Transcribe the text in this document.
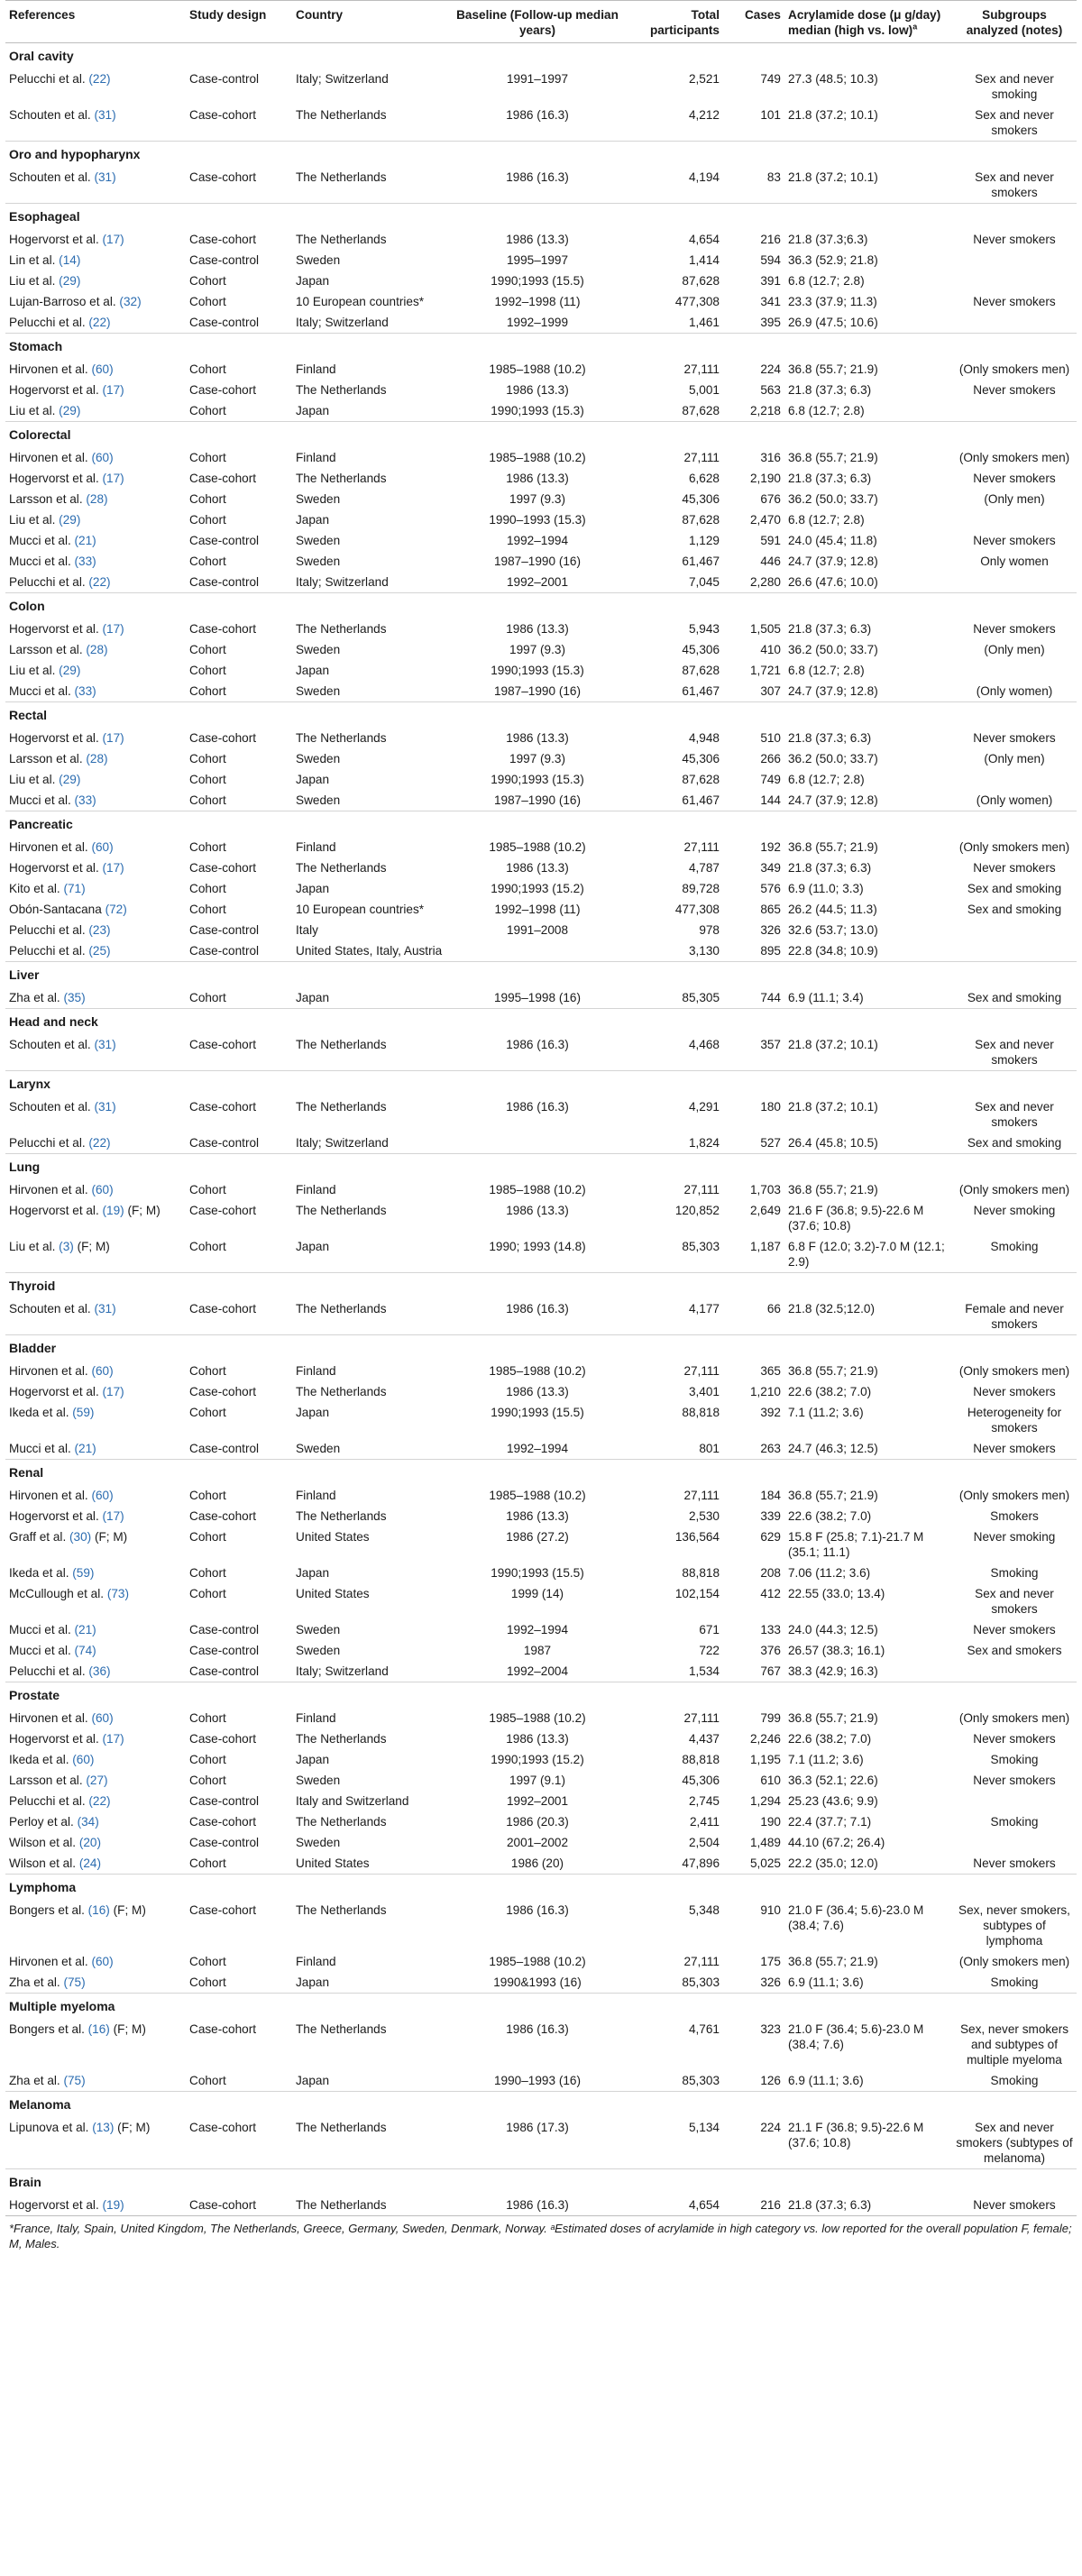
References	Study design	Country	Baseline (Follow-up median years)	Total participants	Cases	Acrylamide dose (μ g/day) median (high vs. low)$^a$	Subgroups analyzed (notes)
Oral cavity							
Pelucchi et al. (22)	Case-control	Italy; Switzerland	1991–1997	2,521	749	27.3 (48.5; 10.3)	Sex and never smoking
Schouten et al. (31)	Case-cohort	The Netherlands	1986 (16.3)	4,212	101	21.8 (37.2; 10.1)	Sex and never smokers
Oro and hypopharynx							
Schouten et al. (31)	Case-cohort	The Netherlands	1986 (16.3)	4,194	83	21.8 (37.2; 10.1)	Sex and never smokers
Esophageal							
Hogervorst et al. (17)	Case-cohort	The Netherlands	1986 (13.3)	4,654	216	21.8 (37.3;6.3)	Never smokers
Lin et al. (14)	Case-control	Sweden	1995–1997	1,414	594	36.3 (52.9; 21.8)	
Liu et al. (29)	Cohort	Japan	1990;1993 (15.5)	87,628	391	6.8 (12.7; 2.8)	
Lujan-Barroso et al. (32)	Cohort	10 European countries*	1992–1998 (11)	477,308	341	23.3 (37.9; 11.3)	Never smokers
Pelucchi et al. (22)	Case-control	Italy; Switzerland	1992–1999	1,461	395	26.9 (47.5; 10.6)	
Stomach							
Hirvonen et al. (60)	Cohort	Finland	1985–1988 (10.2)	27,111	224	36.8 (55.7; 21.9)	(Only smokers men)
Hogervorst et al. (17)	Case-cohort	The Netherlands	1986 (13.3)	5,001	563	21.8 (37.3; 6.3)	Never smokers
Liu et al. (29)	Cohort	Japan	1990;1993 (15.3)	87,628	2,218	6.8 (12.7; 2.8)	
Colorectal							
Hirvonen et al. (60)	Cohort	Finland	1985–1988 (10.2)	27,111	316	36.8 (55.7; 21.9)	(Only smokers men)
Hogervorst et al. (17)	Case-cohort	The Netherlands	1986 (13.3)	6,628	2,190	21.8 (37.3; 6.3)	Never smokers
Larsson et al. (28)	Cohort	Sweden	1997 (9.3)	45,306	676	36.2 (50.0; 33.7)	(Only men)
Liu et al. (29)	Cohort	Japan	1990–1993 (15.3)	87,628	2,470	6.8 (12.7; 2.8)	
Mucci et al. (21)	Case-control	Sweden	1992–1994	1,129	591	24.0 (45.4; 11.8)	Never smokers
Mucci et al. (33)	Cohort	Sweden	1987–1990 (16)	61,467	446	24.7 (37.9; 12.8)	Only women
Pelucchi et al. (22)	Case-control	Italy; Switzerland	1992–2001	7,045	2,280	26.6 (47.6; 10.0)	
Colon							
Hogervorst et al. (17)	Case-cohort	The Netherlands	1986 (13.3)	5,943	1,505	21.8 (37.3; 6.3)	Never smokers
Larsson et al. (28)	Cohort	Sweden	1997 (9.3)	45,306	410	36.2 (50.0; 33.7)	(Only men)
Liu et al. (29)	Cohort	Japan	1990;1993 (15.3)	87,628	1,721	6.8 (12.7; 2.8)	
Mucci et al. (33)	Cohort	Sweden	1987–1990 (16)	61,467	307	24.7 (37.9; 12.8)	(Only women)
Rectal							
Hogervorst et al. (17)	Case-cohort	The Netherlands	1986 (13.3)	4,948	510	21.8 (37.3; 6.3)	Never smokers
Larsson et al. (28)	Cohort	Sweden	1997 (9.3)	45,306	266	36.2 (50.0; 33.7)	(Only men)
Liu et al. (29)	Cohort	Japan	1990;1993 (15.3)	87,628	749	6.8 (12.7; 2.8)	
Mucci et al. (33)	Cohort	Sweden	1987–1990 (16)	61,467	144	24.7 (37.9; 12.8)	(Only women)
Pancreatic							
Hirvonen et al. (60)	Cohort	Finland	1985–1988 (10.2)	27,111	192	36.8 (55.7; 21.9)	(Only smokers men)
Hogervorst et al. (17)	Case-cohort	The Netherlands	1986 (13.3)	4,787	349	21.8 (37.3; 6.3)	Never smokers
Kito et al. (71)	Cohort	Japan	1990;1993 (15.2)	89,728	576	6.9 (11.0; 3.3)	Sex and smoking
Obón-Santacana (72)	Cohort	10 European countries*	1992–1998 (11)	477,308	865	26.2 (44.5; 11.3)	Sex and smoking
Pelucchi et al. (23)	Case-control	Italy	1991–2008	978	326	32.6 (53.7; 13.0)	
Pelucchi et al. (25)	Case-control	United States, Italy, Austria		3,130	895	22.8 (34.8; 10.9)	
Liver							
Zha et al. (35)	Cohort	Japan	1995–1998 (16)	85,305	744	6.9 (11.1; 3.4)	Sex and smoking
Head and neck							
Schouten et al. (31)	Case-cohort	The Netherlands	1986 (16.3)	4,468	357	21.8 (37.2; 10.1)	Sex and never smokers
Larynx							
Schouten et al. (31)	Case-cohort	The Netherlands	1986 (16.3)	4,291	180	21.8 (37.2; 10.1)	Sex and never smokers
Pelucchi et al. (22)	Case-control	Italy; Switzerland		1,824	527	26.4 (45.8; 10.5)	Sex and smoking
Lung							
Hirvonen et al. (60)	Cohort	Finland	1985–1988 (10.2)	27,111	1,703	36.8 (55.7; 21.9)	(Only smokers men)
Hogervorst et al. (19) (F; M)	Case-cohort	The Netherlands	1986 (13.3)	120,852	2,649	21.6 F (36.8; 9.5)-22.6 M (37.6; 10.8)	Never smoking
Liu et al. (3) (F; M)	Cohort	Japan	1990; 1993 (14.8)	85,303	1,187	6.8 F (12.0; 3.2)-7.0 M (12.1; 2.9)	Smoking
Thyroid							
Schouten et al. (31)	Case-cohort	The Netherlands	1986 (16.3)	4,177	66	21.8 (32.5;12.0)	Female and never smokers
Bladder							
Hirvonen et al. (60)	Cohort	Finland	1985–1988 (10.2)	27,111	365	36.8 (55.7; 21.9)	(Only smokers men)
Hogervorst et al. (17)	Case-cohort	The Netherlands	1986 (13.3)	3,401	1,210	22.6 (38.2; 7.0)	Never smokers
Ikeda et al. (59)	Cohort	Japan	1990;1993 (15.5)	88,818	392	7.1 (11.2; 3.6)	Heterogeneity for smokers
Mucci et al. (21)	Case-control	Sweden	1992–1994	801	263	24.7 (46.3; 12.5)	Never smokers
Renal							
Hirvonen et al. (60)	Cohort	Finland	1985–1988 (10.2)	27,111	184	36.8 (55.7; 21.9)	(Only smokers men)
Hogervorst et al. (17)	Case-cohort	The Netherlands	1986 (13.3)	2,530	339	22.6 (38.2; 7.0)	Smokers
Graff et al. (30) (F; M)	Cohort	United States	1986 (27.2)	136,564	629	15.8 F (25.8; 7.1)-21.7 M (35.1; 11.1)	Never smoking
Ikeda et al. (59)	Cohort	Japan	1990;1993 (15.5)	88,818	208	7.06 (11.2; 3.6)	Smoking
McCullough et al. (73)	Cohort	United States	1999 (14)	102,154	412	22.55 (33.0; 13.4)	Sex and never smokers
Mucci et al. (21)	Case-control	Sweden	1992–1994	671	133	24.0 (44.3; 12.5)	Never smokers
Mucci et al. (74)	Case-control	Sweden	1987	722	376	26.57 (38.3; 16.1)	Sex and smokers
Pelucchi et al. (36)	Case-control	Italy; Switzerland	1992–2004	1,534	767	38.3 (42.9; 16.3)	
Prostate							
Hirvonen et al. (60)	Cohort	Finland	1985–1988 (10.2)	27,111	799	36.8 (55.7; 21.9)	(Only smokers men)
Hogervorst et al. (17)	Case-cohort	The Netherlands	1986 (13.3)	4,437	2,246	22.6 (38.2; 7.0)	Never smokers
Ikeda et al. (60)	Cohort	Japan	1990;1993 (15.2)	88,818	1,195	7.1 (11.2; 3.6)	Smoking
Larsson et al. (27)	Cohort	Sweden	1997 (9.1)	45,306	610	36.3 (52.1; 22.6)	Never smokers
Pelucchi et al. (22)	Case-control	Italy and Switzerland	1992–2001	2,745	1,294	25.23 (43.6; 9.9)	
Perloy et al. (34)	Case-cohort	The Netherlands	1986 (20.3)	2,411	190	22.4 (37.7; 7.1)	Smoking
Wilson et al. (20)	Case-control	Sweden	2001–2002	2,504	1,489	44.10 (67.2; 26.4)	
Wilson et al. (24)	Cohort	United States	1986 (20)	47,896	5,025	22.2 (35.0; 12.0)	Never smokers
Lymphoma							
Bongers et al. (16) (F; M)	Case-cohort	The Netherlands	1986 (16.3)	5,348	910	21.0 F (36.4; 5.6)-23.0 M (38.4; 7.6)	Sex, never smokers, subtypes of lymphoma
Hirvonen et al. (60)	Cohort	Finland	1985–1988 (10.2)	27,111	175	36.8 (55.7; 21.9)	(Only smokers men)
Zha et al. (75)	Cohort	Japan	1990&1993 (16)	85,303	326	6.9 (11.1; 3.6)	Smoking
Multiple myeloma							
Bongers et al. (16) (F; M)	Case-cohort	The Netherlands	1986 (16.3)	4,761	323	21.0 F (36.4; 5.6)-23.0 M (38.4; 7.6)	Sex, never smokers and subtypes of multiple myeloma
Zha et al. (75)	Cohort	Japan	1990–1993 (16)	85,303	126	6.9 (11.1; 3.6)	Smoking
Melanoma							
Lipunova et al. (13) (F; M)	Case-cohort	The Netherlands	1986 (17.3)	5,134	224	21.1 F (36.8; 9.5)-22.6 M (37.6; 10.8)	Sex and never smokers (subtypes of melanoma)
Brain							
Hogervorst et al. (19)	Case-cohort	The Netherlands	1986 (16.3)	4,654	216	21.8 (37.3; 6.3)	Never smokers
*France, Italy, Spain, United Kingdom, The Netherlands, Greece, Germany, Sweden, Denmark, Norway. ᵃEstimated doses of acrylamide in high category vs. low reported for the overall population F, female; M, Males.							
